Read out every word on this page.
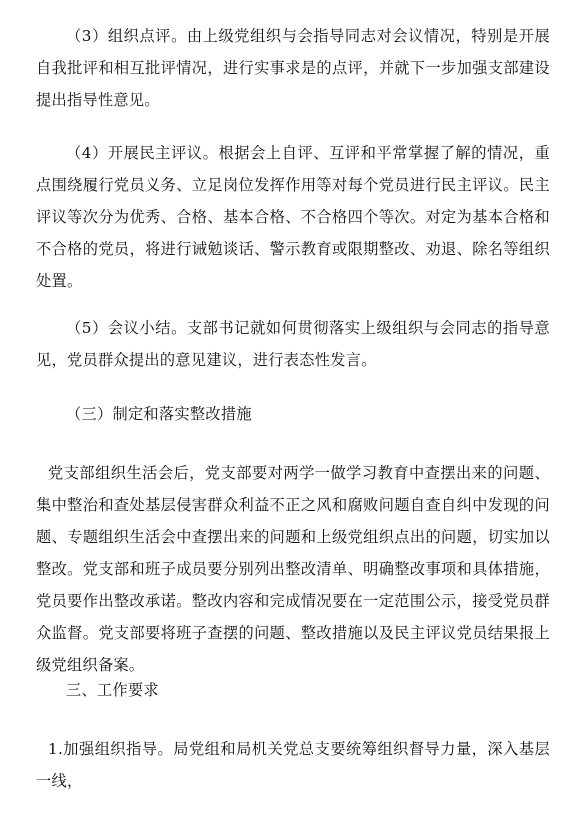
（3）组织点评。由上级党组织与会指导同志对会议情况，特别是开展自我批评和相互批评情况，进行实事求是的点评，并就下一步加强支部建设提出指导性意见。

（4）开展民主评议。根据会上自评、互评和平常掌握了解的情况，重点围绕履行党员义务、立足岗位发挥作用等对每个党员进行民主评议。民主评议等次分为优秀、合格、基本合格、不合格四个等次。对定为基本合格和不合格的党员，将进行诫勉谈话、警示教育或限期整改、劝退、除名等组织处置。

（5）会议小结。支部书记就如何贯彻落实上级组织与会同志的指导意见，党员群众提出的意见建议，进行表态性发言。

（三）制定和落实整改措施

党支部组织生活会后，党支部要对两学一做学习教育中查摆出来的问题、集中整治和查处基层侵害群众利益不正之风和腐败问题自查自纠中发现的问题、专题组织生活会中查摆出来的问题和上级党组织点出的问题，切实加以整改。党支部和班子成员要分别列出整改清单、明确整改事项和具体措施，党员要作出整改承诺。整改内容和完成情况要在一定范围公示，接受党员群众监督。党支部要将班子查摆的问题、整改措施以及民主评议党员结果报上级党组织备案。

三、工作要求

1.加强组织指导。局党组和局机关党总支要统筹组织督导力量，深入基层一线，
